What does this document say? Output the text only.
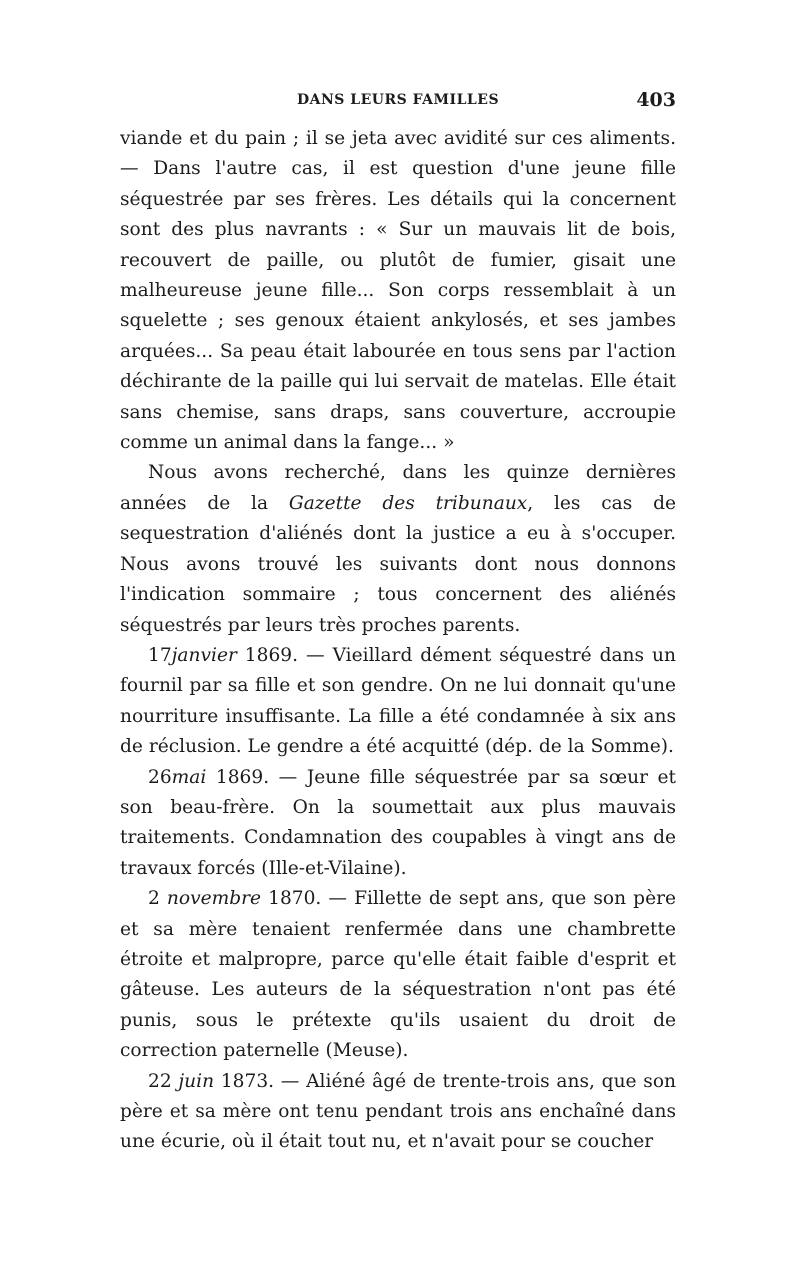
DANS LEURS FAMILLES	403

viande et du pain ; il se jeta avec avidité sur ces aliments. — Dans l'autre cas, il est question d'une jeune fille séquestrée par ses frères. Les détails qui la concernent sont des plus navrants : « Sur un mauvais lit de bois, recouvert de paille, ou plutôt de fumier, gisait une malheureuse jeune fille... Son corps ressemblait à un squelette ; ses genoux étaient ankylosés, et ses jambes arquées... Sa peau était labourée en tous sens par l'action déchirante de la paille qui lui servait de matelas. Elle était sans chemise, sans draps, sans couverture, accroupie comme un animal dans la fange... »

Nous avons recherché, dans les quinze dernières années de la Gazette des tribunaux, les cas de sequestration d'aliénés dont la justice a eu à s'occuper. Nous avons trouvé les suivants dont nous donnons l'indication sommaire ; tous concernent des aliénés séquestrés par leurs très proches parents.

17janvier 1869. — Vieillard dément séquestré dans un fournil par sa fille et son gendre. On ne lui donnait qu'une nourriture insuffisante. La fille a été condamnée à six ans de réclusion. Le gendre a été acquitté (dép. de la Somme).

26mai 1869. — Jeune fille séquestrée par sa sœur et son beau-frère. On la soumettait aux plus mauvais traitements. Condamnation des coupables à vingt ans de travaux forcés (Ille-et-Vilaine).

2 novembre 1870. — Fillette de sept ans, que son père et sa mère tenaient renfermée dans une chambrette étroite et malpropre, parce qu'elle était faible d'esprit et gâteuse. Les auteurs de la séquestration n'ont pas été punis, sous le prétexte qu'ils usaient du droit de correction paternelle (Meuse).

22 juin 1873. — Aliéné âgé de trente-trois ans, que son père et sa mère ont tenu pendant trois ans enchaîné dans une écurie, où il était tout nu, et n'avait pour se coucher
